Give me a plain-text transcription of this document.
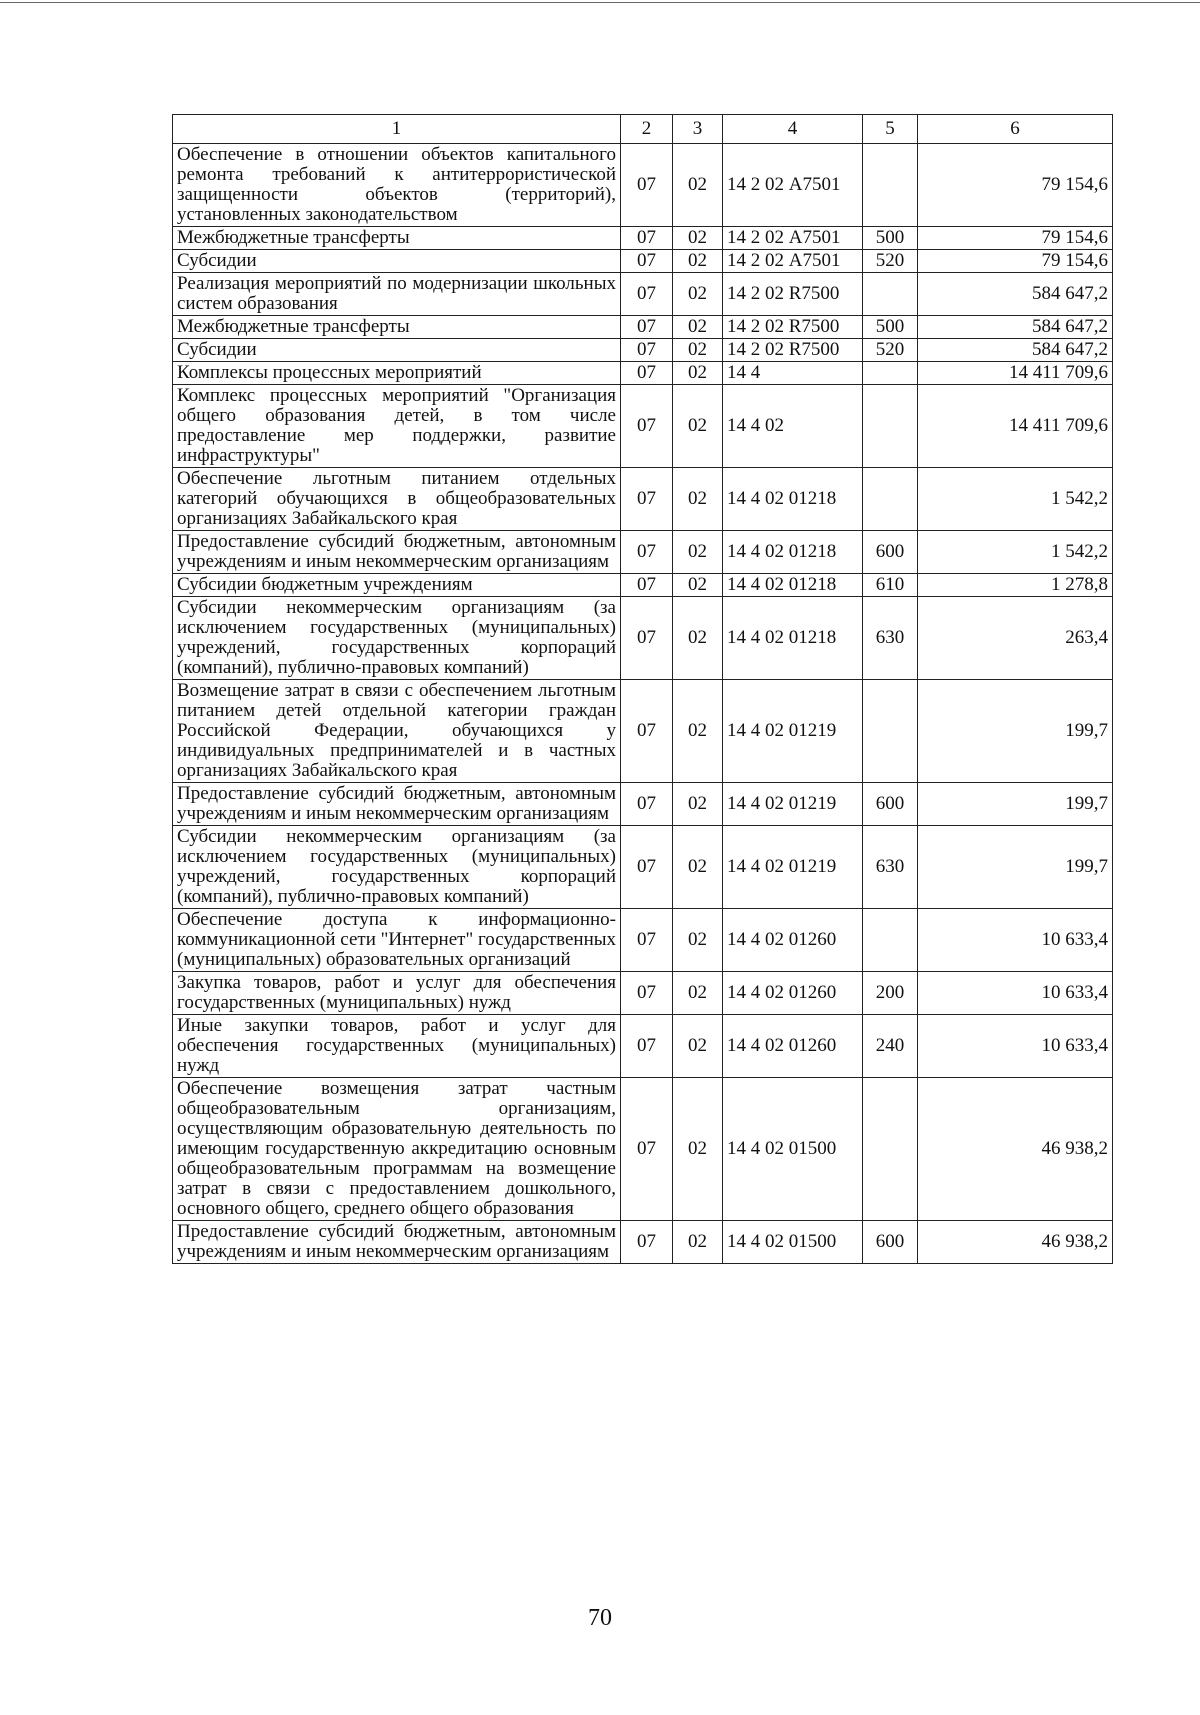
1	2	3	4	5	6
Обеспечение в отношении объектов капитального ремонта требований к антитеррористической защищенности объектов (территорий), установленных законодательством	07	02	14 2 02 А7501		79 154,6
Межбюджетные трансферты	07	02	14 2 02 А7501	500	79 154,6
Субсидии	07	02	14 2 02 А7501	520	79 154,6
Реализация мероприятий по модернизации школьных систем образования	07	02	14 2 02 R7500		584 647,2
Межбюджетные трансферты	07	02	14 2 02 R7500	500	584 647,2
Субсидии	07	02	14 2 02 R7500	520	584 647,2
Комплексы процессных мероприятий	07	02	14 4		14 411 709,6
Комплекс процессных мероприятий "Организация общего образования детей, в том числе предоставление мер поддержки, развитие инфраструктуры"	07	02	14 4 02		14 411 709,6
Обеспечение льготным питанием отдельных категорий обучающихся в общеобразовательных организациях Забайкальского края	07	02	14 4 02 01218		1 542,2
Предоставление субсидий бюджетным, автономным учреждениям и иным некоммерческим организациям	07	02	14 4 02 01218	600	1 542,2
Субсидии бюджетным учреждениям	07	02	14 4 02 01218	610	1 278,8
Субсидии некоммерческим организациям (за исключением государственных (муниципальных) учреждений, государственных корпораций (компаний), публично-правовых компаний)	07	02	14 4 02 01218	630	263,4
Возмещение затрат в связи с обеспечением льготным питанием детей отдельной категории граждан Российской Федерации, обучающихся у индивидуальных предпринимателей и в частных организациях Забайкальского края	07	02	14 4 02 01219		199,7
Предоставление субсидий бюджетным, автономным учреждениям и иным некоммерческим организациям	07	02	14 4 02 01219	600	199,7
Субсидии некоммерческим организациям (за исключением государственных (муниципальных) учреждений, государственных корпораций (компаний), публично-правовых компаний)	07	02	14 4 02 01219	630	199,7
Обеспечение доступа к информационно-коммуникационной сети "Интернет" государственных (муниципальных) образовательных организаций	07	02	14 4 02 01260		10 633,4
Закупка товаров, работ и услуг для обеспечения государственных (муниципальных) нужд	07	02	14 4 02 01260	200	10 633,4
Иные закупки товаров, работ и услуг для обеспечения государственных (муниципальных) нужд	07	02	14 4 02 01260	240	10 633,4
Обеспечение возмещения затрат частным общеобразовательным организациям, осуществляющим образовательную деятельность по имеющим государственную аккредитацию основным общеобразовательным программам на возмещение затрат в связи с предоставлением дошкольного, основного общего, среднего общего образования	07	02	14 4 02 01500		46 938,2
Предоставление субсидий бюджетным, автономным учреждениям и иным некоммерческим организациям	07	02	14 4 02 01500	600	46 938,2
70
